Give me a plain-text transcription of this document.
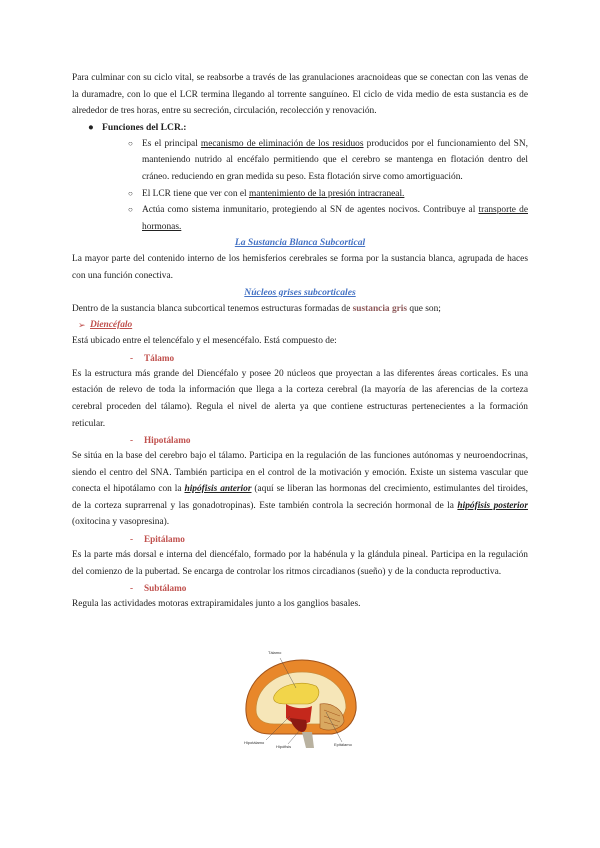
Para culminar con su ciclo vital, se reabsorbe a través de las granulaciones aracnoideas que se conectan con las venas de la duramadre, con lo que el LCR termina llegando al torrente sanguíneo. El ciclo de vida medio de esta sustancia es de alrededor de tres horas, entre su secreción, circulación, recolección y renovación.

● Funciones del LCR.:
○ Es el principal mecanismo de eliminación de los residuos producidos por el funcionamiento del SN, manteniendo nutrido al encéfalo permitiendo que el cerebro se mantenga en flotación dentro del cráneo. reduciendo en gran medida su peso. Esta flotación sirve como amortiguación.
○ El LCR tiene que ver con el mantenimiento de la presión intracraneal.
○ Actúa como sistema inmunitario, protegiendo al SN de agentes nocivos. Contribuye al transporte de hormonas.
La Sustancia Blanca Subcortical

La mayor parte del contenido interno de los hemisferios cerebrales se forma por la sustancia blanca, agrupada de haces con una función conectiva.

Núcleos grises subcorticales

Dentro de la sustancia blanca subcortical tenemos estructuras formadas de sustancia gris que son;

➢ Diencéfalo

Está ubicado entre el telencéfalo y el mesencéfalo. Está compuesto de:

- Tálamo

Es la estructura más grande del Diencéfalo y posee 20 núcleos que proyectan a las diferentes áreas corticales. Es una estación de relevo de toda la información que llega a la corteza cerebral (la mayoría de las aferencias de la corteza cerebral proceden del tálamo). Regula el nivel de alerta ya que contiene estructuras pertenecientes a la formación reticular.

- Hipotálamo

Se sitúa en la base del cerebro bajo el tálamo. Participa en la regulación de las funciones autónomas y neuroendocrinas, siendo el centro del SNA. También participa en el control de la motivación y emoción. Existe un sistema vascular que conecta el hipotálamo con la hipófisis anterior (aquí se liberan las hormonas del crecimiento, estimulantes del tiroides, de la corteza suprarrenal y las gonadotropinas). Este también controla la secreción hormonal de la hipófisis posterior (oxitocina y vasopresina).

- Epitálamo

Es la parte más dorsal e interna del diencéfalo, formado por la habénula y la glándula pineal. Participa en la regulación del comienzo de la pubertad. Se encarga de controlar los ritmos circadianos (sueño) y de la conducta reproductiva.

- Subtálamo

Regula las actividades motoras extrapiramidales junto a los ganglios basales.

Tálamo
Hipotálamo
Hipófisis	Epitálamo
